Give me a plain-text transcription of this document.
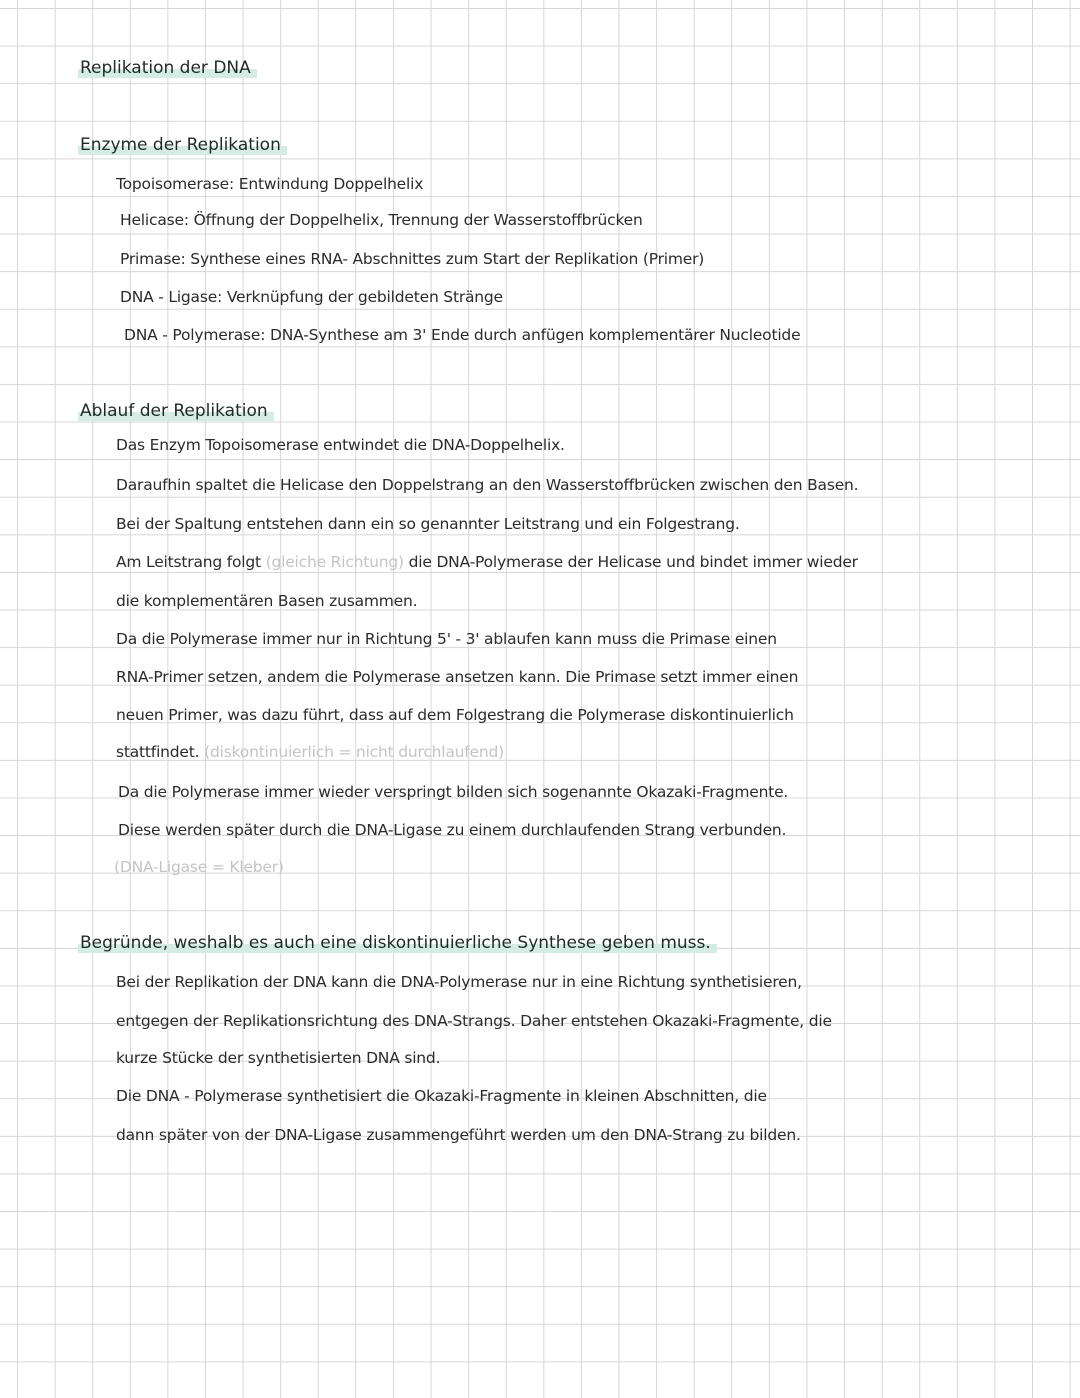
Replikation der DNA
Enzyme der Replikation
Topoisomerase: Entwindung Doppelhelix
Helicase: Öffnung der Doppelhelix, Trennung der Wasserstoffbrücken
Primase: Synthese eines RNA- Abschnittes zum Start der Replikation (Primer)
DNA - Ligase: Verknüpfung der gebildeten Stränge
DNA - Polymerase: DNA-Synthese am 3' Ende durch anfügen komplementärer Nucleotide
Ablauf der Replikation
Das Enzym Topoisomerase entwindet die DNA-Doppelhelix.
Daraufhin spaltet die Helicase den Doppelstrang an den Wasserstoffbrücken zwischen den Basen.
Bei der Spaltung entstehen dann ein so genannter Leitstrang und ein Folgestrang.
Am Leitstrang folgt (gleiche Richtung) die DNA-Polymerase der Helicase und bindet immer wieder
die komplementären Basen zusammen.
Da die Polymerase immer nur in Richtung 5' - 3' ablaufen kann muss die Primase einen
RNA-Primer setzen, andem die Polymerase ansetzen kann. Die Primase setzt immer einen
neuen Primer, was dazu führt, dass auf dem Folgestrang die Polymerase diskontinuierlich
stattfindet. (diskontinuierlich = nicht durchlaufend)
Da die Polymerase immer wieder verspringt bilden sich sogenannte Okazaki-Fragmente.
Diese werden später durch die DNA-Ligase zu einem durchlaufenden Strang verbunden.
(DNA-Ligase = Kleber)
Begründe, weshalb es auch eine diskontinuierliche Synthese geben muss.
Bei der Replikation der DNA kann die DNA-Polymerase nur in eine Richtung synthetisieren,
entgegen der Replikationsrichtung des DNA-Strangs. Daher entstehen Okazaki-Fragmente, die
kurze Stücke der synthetisierten DNA sind.
Die DNA - Polymerase synthetisiert die Okazaki-Fragmente in kleinen Abschnitten, die
dann später von der DNA-Ligase zusammengeführt werden um den DNA-Strang zu bilden.
